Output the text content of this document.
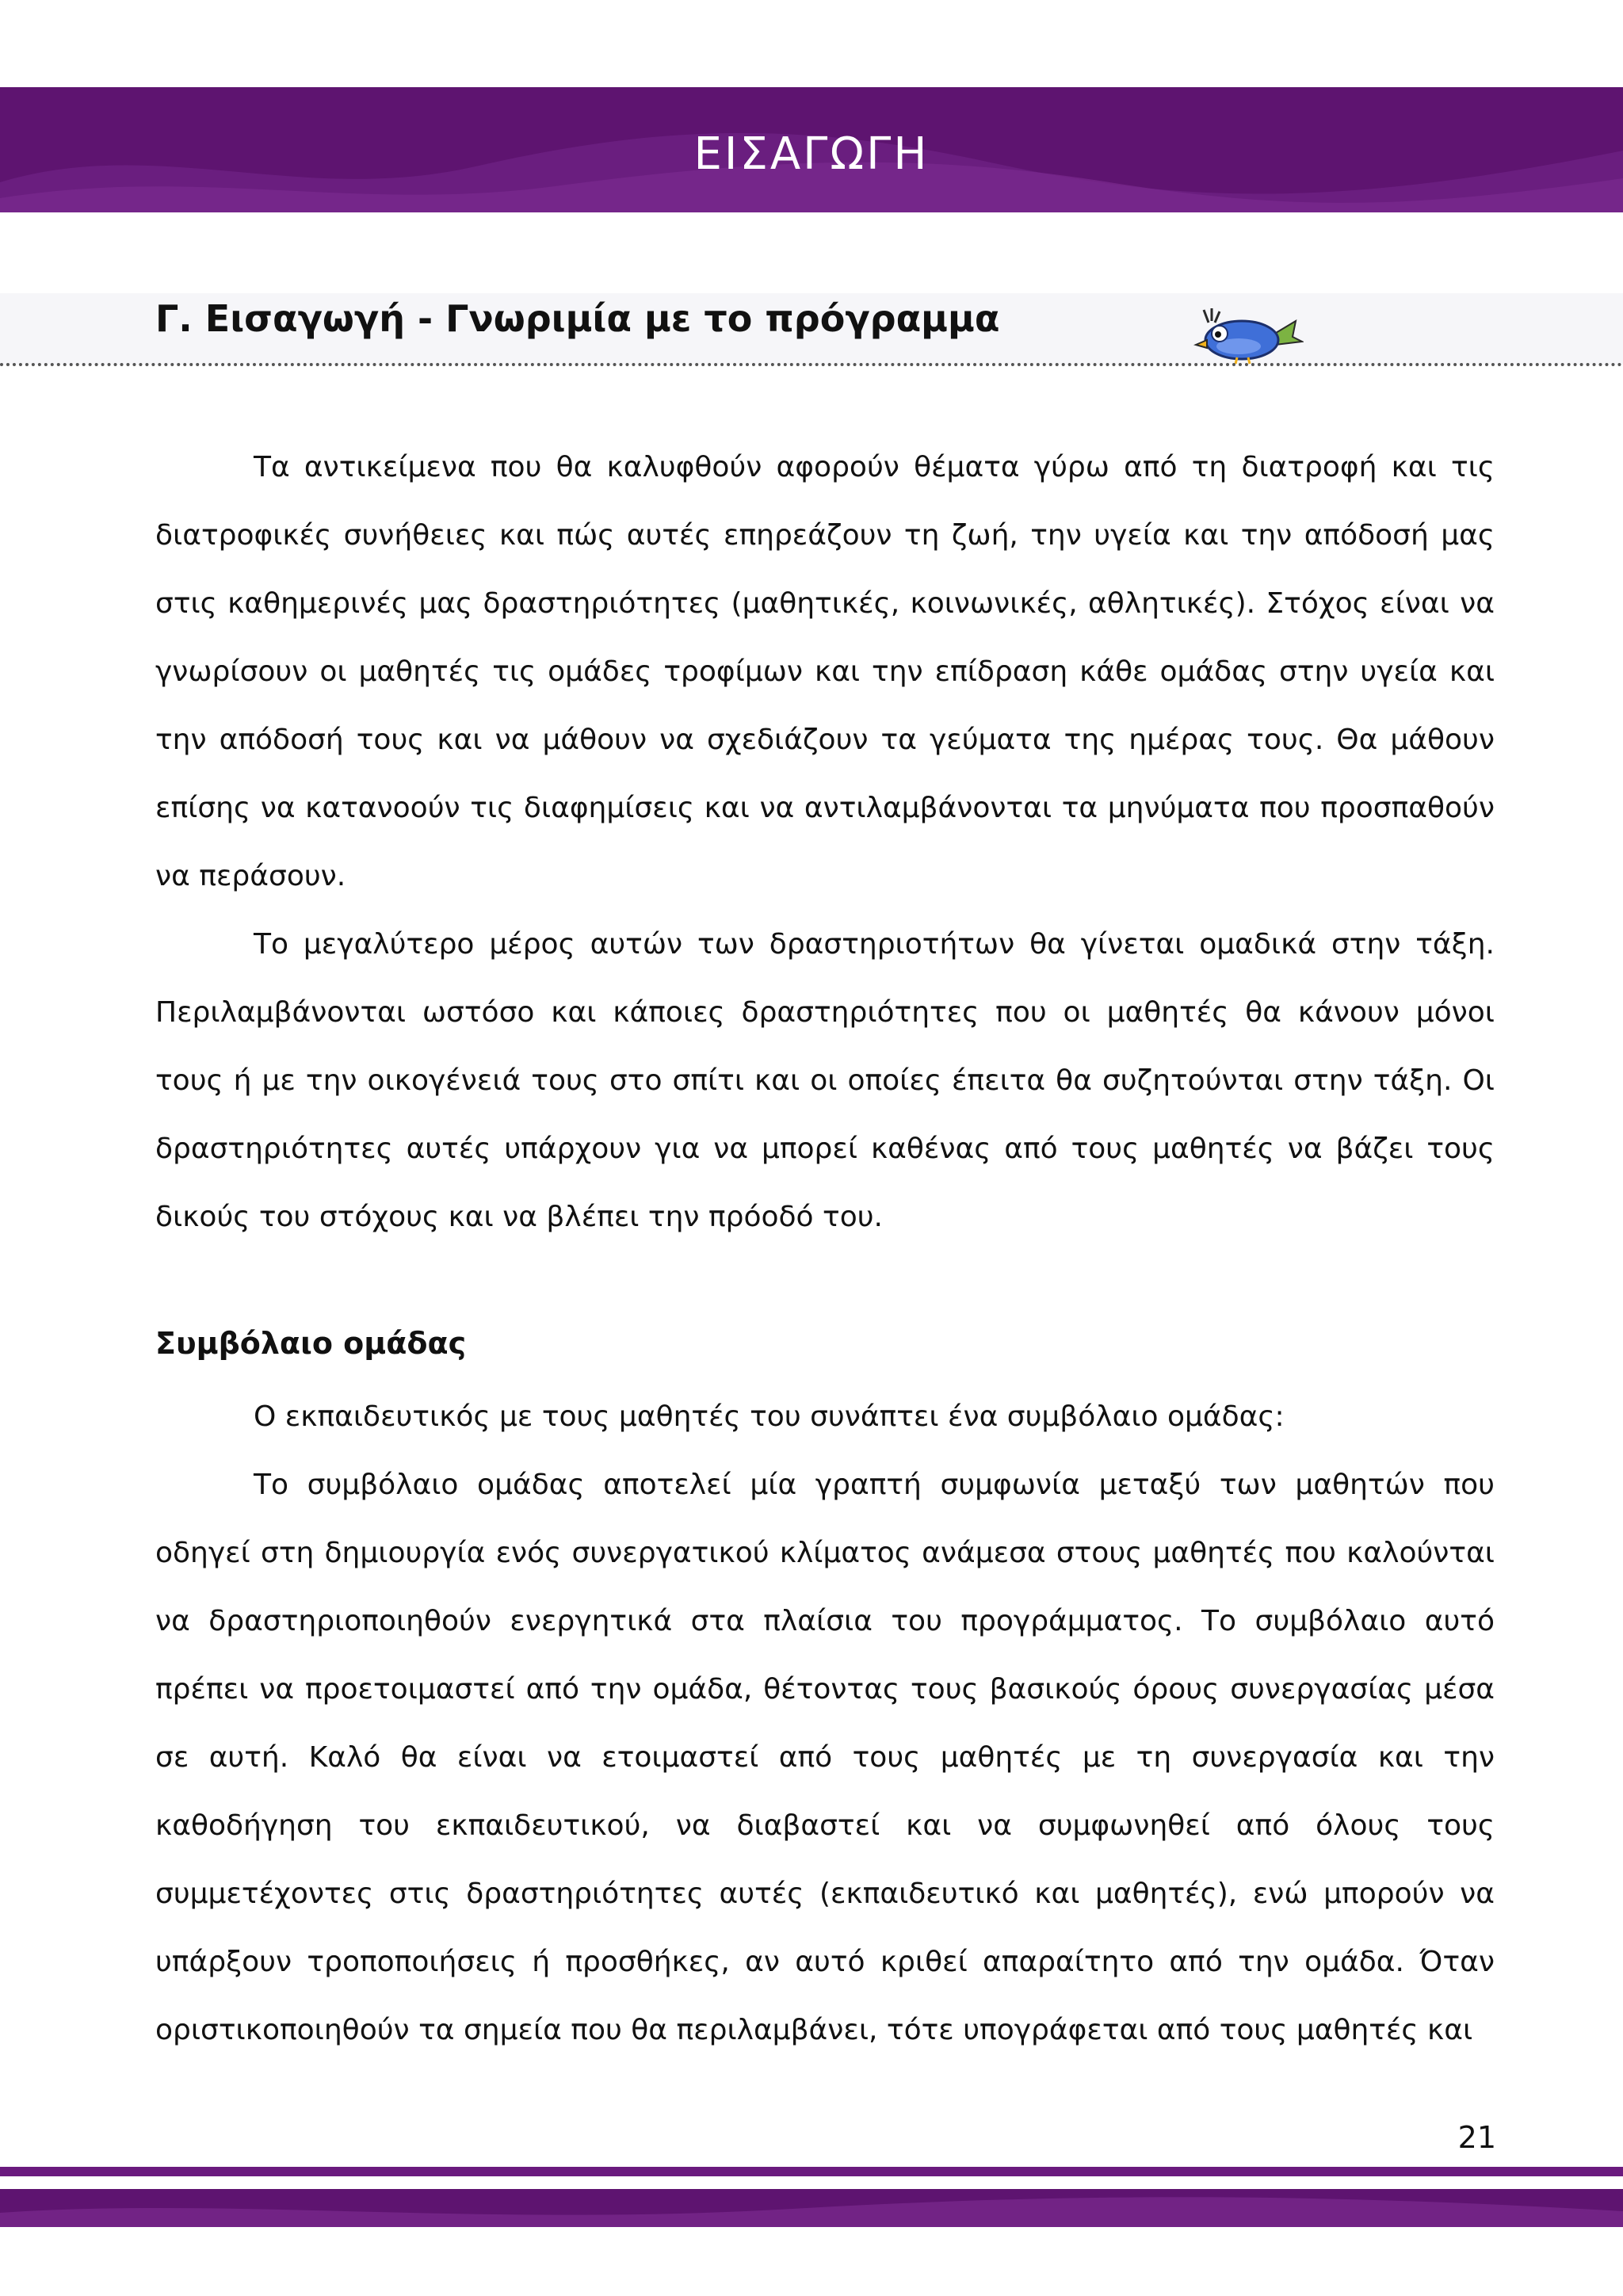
ΕΙΣΑΓΩΓΗ
Γ. Εισαγωγή - Γνωριμία με το πρόγραμμα

Τα αντικείμενα που θα καλυφθούν αφορούν θέματα γύρω από τη διατροφή και τις διατροφικές συνήθειες και πώς αυτές επηρεάζουν τη ζωή, την υγεία και την απόδοσή μας στις καθημερινές μας δραστηριότητες (μαθητικές, κοινωνικές, αθλητικές). Στόχος είναι να γνωρίσουν οι μαθητές τις ομάδες τροφίμων και την επίδραση κάθε ομάδας στην υγεία και την απόδοσή τους και να μάθουν να σχεδιάζουν τα γεύματα της ημέρας τους. Θα μάθουν επίσης να κατανοούν τις διαφημίσεις και να αντιλαμβάνονται τα μηνύματα που προσπαθούν να περάσουν.

Το μεγαλύτερο μέρος αυτών των δραστηριοτήτων θα γίνεται ομαδικά στην τάξη. Περιλαμβάνονται ωστόσο και κάποιες δραστηριότητες που οι μαθητές θα κάνουν μόνοι τους ή με την οικογένειά τους στο σπίτι και οι οποίες έπειτα θα συζητούνται στην τάξη. Οι δραστηριότητες αυτές υπάρχουν για να μπορεί καθένας από τους μαθητές να βάζει τους δικούς του στόχους και να βλέπει την πρόοδό του.

Συμβόλαιο ομάδας

Ο εκπαιδευτικός με τους μαθητές του συνάπτει ένα συμβόλαιο ομάδας:

Το συμβόλαιο ομάδας αποτελεί μία γραπτή συμφωνία μεταξύ των μαθητών που οδηγεί στη δημιουργία ενός συνεργατικού κλίματος ανάμεσα στους μαθητές που καλούνται να δραστηριοποιηθούν ενεργητικά στα πλαίσια του προγράμματος. Το συμβόλαιο αυτό πρέπει να προετοιμαστεί από την ομάδα, θέτοντας τους βασικούς όρους συνεργασίας μέσα σε αυτή. Καλό θα είναι να ετοιμαστεί από τους μαθητές με τη συνεργασία και την καθοδήγηση του εκπαιδευτικού, να διαβαστεί και να συμφωνηθεί από όλους τους συμμετέχοντες στις δραστηριότητες αυτές (εκπαιδευτικό και μαθητές), ενώ μπορούν να υπάρξουν τροποποιήσεις ή προσθήκες, αν αυτό κριθεί απαραίτητο από την ομάδα. Όταν οριστικοποιηθούν τα σημεία που θα περιλαμβάνει, τότε υπογράφεται από τους μαθητές και

21
